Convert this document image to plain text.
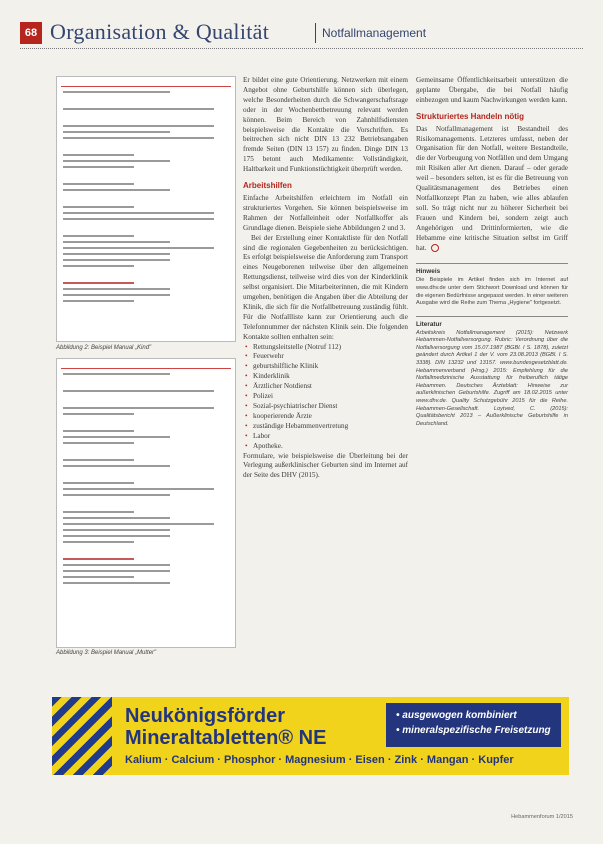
68 Organisation & Qualität	Notfallmanagement
Abbildung 2: Beispiel Manual „Kind"
Abbildung 3: Beispiel Manual „Mutter"

Er bildet eine gute Orientierung. Netzwerken mit einem Angebot ohne Geburtshilfe können sich überlegen, welche Besonderheiten durch die Schwangerschaftsrage oder in der Wochenbettbetreuung relevant werden können. Beim Bereich von Zahnhilfsdiensten beispielsweise die Kontakte die Vorschriften. Es beitrechen sich nicht DIN 13 232 Betriebsangaben fremde Seiten (DIN 13 157) zu finden. Dinge DIN 13 175 betont auch Medikamente: Vollständigkeit, Haltbarkeit und Funktionstüchtigkeit überprüft werden.

Arbeitshilfen

Einfache Arbeitshilfen erleichtern im Notfall ein strukturiertes Vorgehen. Sie können beispielsweise im Rahmen der Notfalleinheit oder Notfallkoffer als Grundlage dienen. Beispiele siehe Abbildungen 2 und 3.

Bei der Erstellung einer Kontaktliste für den Notfall sind die regionalen Gegebenheiten zu berücksichtigen. Es erfolgt beispielsweise die Anforderung zum Transport eines Neugeborenen teilweise über den allgemeinen Rettungsdienst, teilweise wird dies von der Kinderklinik selbst organisiert. Die Mitarbeiterinnen, die mit Kindern umgehen, benötigen die Angaben über die Abteilung der Klinik, die sich für die Notfallbetreuung zuständig fühlt. Für die Notfallliste kann zur Orientierung auch die Telefonnummer der nächsten Klinik sein. Die folgenden Kontakte sollten enthalten sein:

• Rettungsleitstelle (Notruf 112)
• Feuerwehr
• geburtshilfliche Klinik
• Kinderklinik
• Ärztlicher Notdienst
• Polizei
• Sozial-psychiatrischer Dienst
• kooperierende Ärzte
• zuständige Hebammenvertretung
• Labor
• Apotheke.

Formulare, wie beispielsweise die Überleitung bei der Verlegung außerklinischer Geburten sind im Internet auf der Seite des DHV (2015).

Gemeinsame Öffentlichkeitsarbeit unterstützen die geplante Übergabe, die bei Notfall häufig einbezogen und kaum Nachwirkungen werden kann.

Strukturiertes Handeln nötig

Das Notfallmanagement ist Bestandteil des Risikomanagements. Letzteres umfasst, neben der Organisation für den Notfall, weitere Bestandteile, die der Vorbeugung von Notfällen und dem Umgang mit Risiken aller Art dienen. Darauf – oder gerade weil – besonders selten, ist es für die Betreuung von Qualitätsmanagement des Betriebes einen Notfallkonzept Plan zu haben, wie alles ablaufen soll. So trägt nicht nur zu höherer Sicherheit bei Frauen und Kindern bei, sondern zeigt auch Angehörigen und Drittinformierten, wie die Hebamme eine kritische Situation selbst im Griff hat.

Hinweis
Die Beispiele im Artikel finden sich im Internet auf www.dhv.de unter dem Stichwort Download und können für die eigenen Bedürfnisse angepasst werden. In einer weiteren Ausgabe wird die Reihe zum Thema „Hygiene" fortgesetzt.
Literatur
Arbeitskreis Notfallmanagement (2015): Netzwerk Hebammen-Notfallversorgung. Rubric: Verordnung über die Notfallversorgung vom 15.07.1987 (BGBl. I S. 1878), zuletzt geändert durch Artikel 1 der V. vom 23.08.2013 (BGBl. I S. 3338). DIN 13232 und 13157. www.bundesgesetzblatt.de. Hebammenverband (Hrsg.) 2015: Empfehlung für die Notfallmedizinische Ausstattung für freiberuflich tätige Hebammen. Deutsches Ärzteblatt: Hinweise zur außerklinischen Geburtshilfe. Zugriff am 18.02.2015 unter www.dhv.de. Quality Schutzgebühr 2015 für die Reihe. Hebammen-Gesellschaft. Loytved, C. (2015): Qualitätsbericht 2013 – Außerklinische Geburtshilfe in Deutschland.
Neukönigsförder
Mineraltabletten® NE
• ausgewogen kombiniert
• mineralspezifische Freisetzung
Kalium · Calcium · Phosphor · Magnesium · Eisen · Zink · Mangan · Kupfer
Hebammenforum 1/2015
